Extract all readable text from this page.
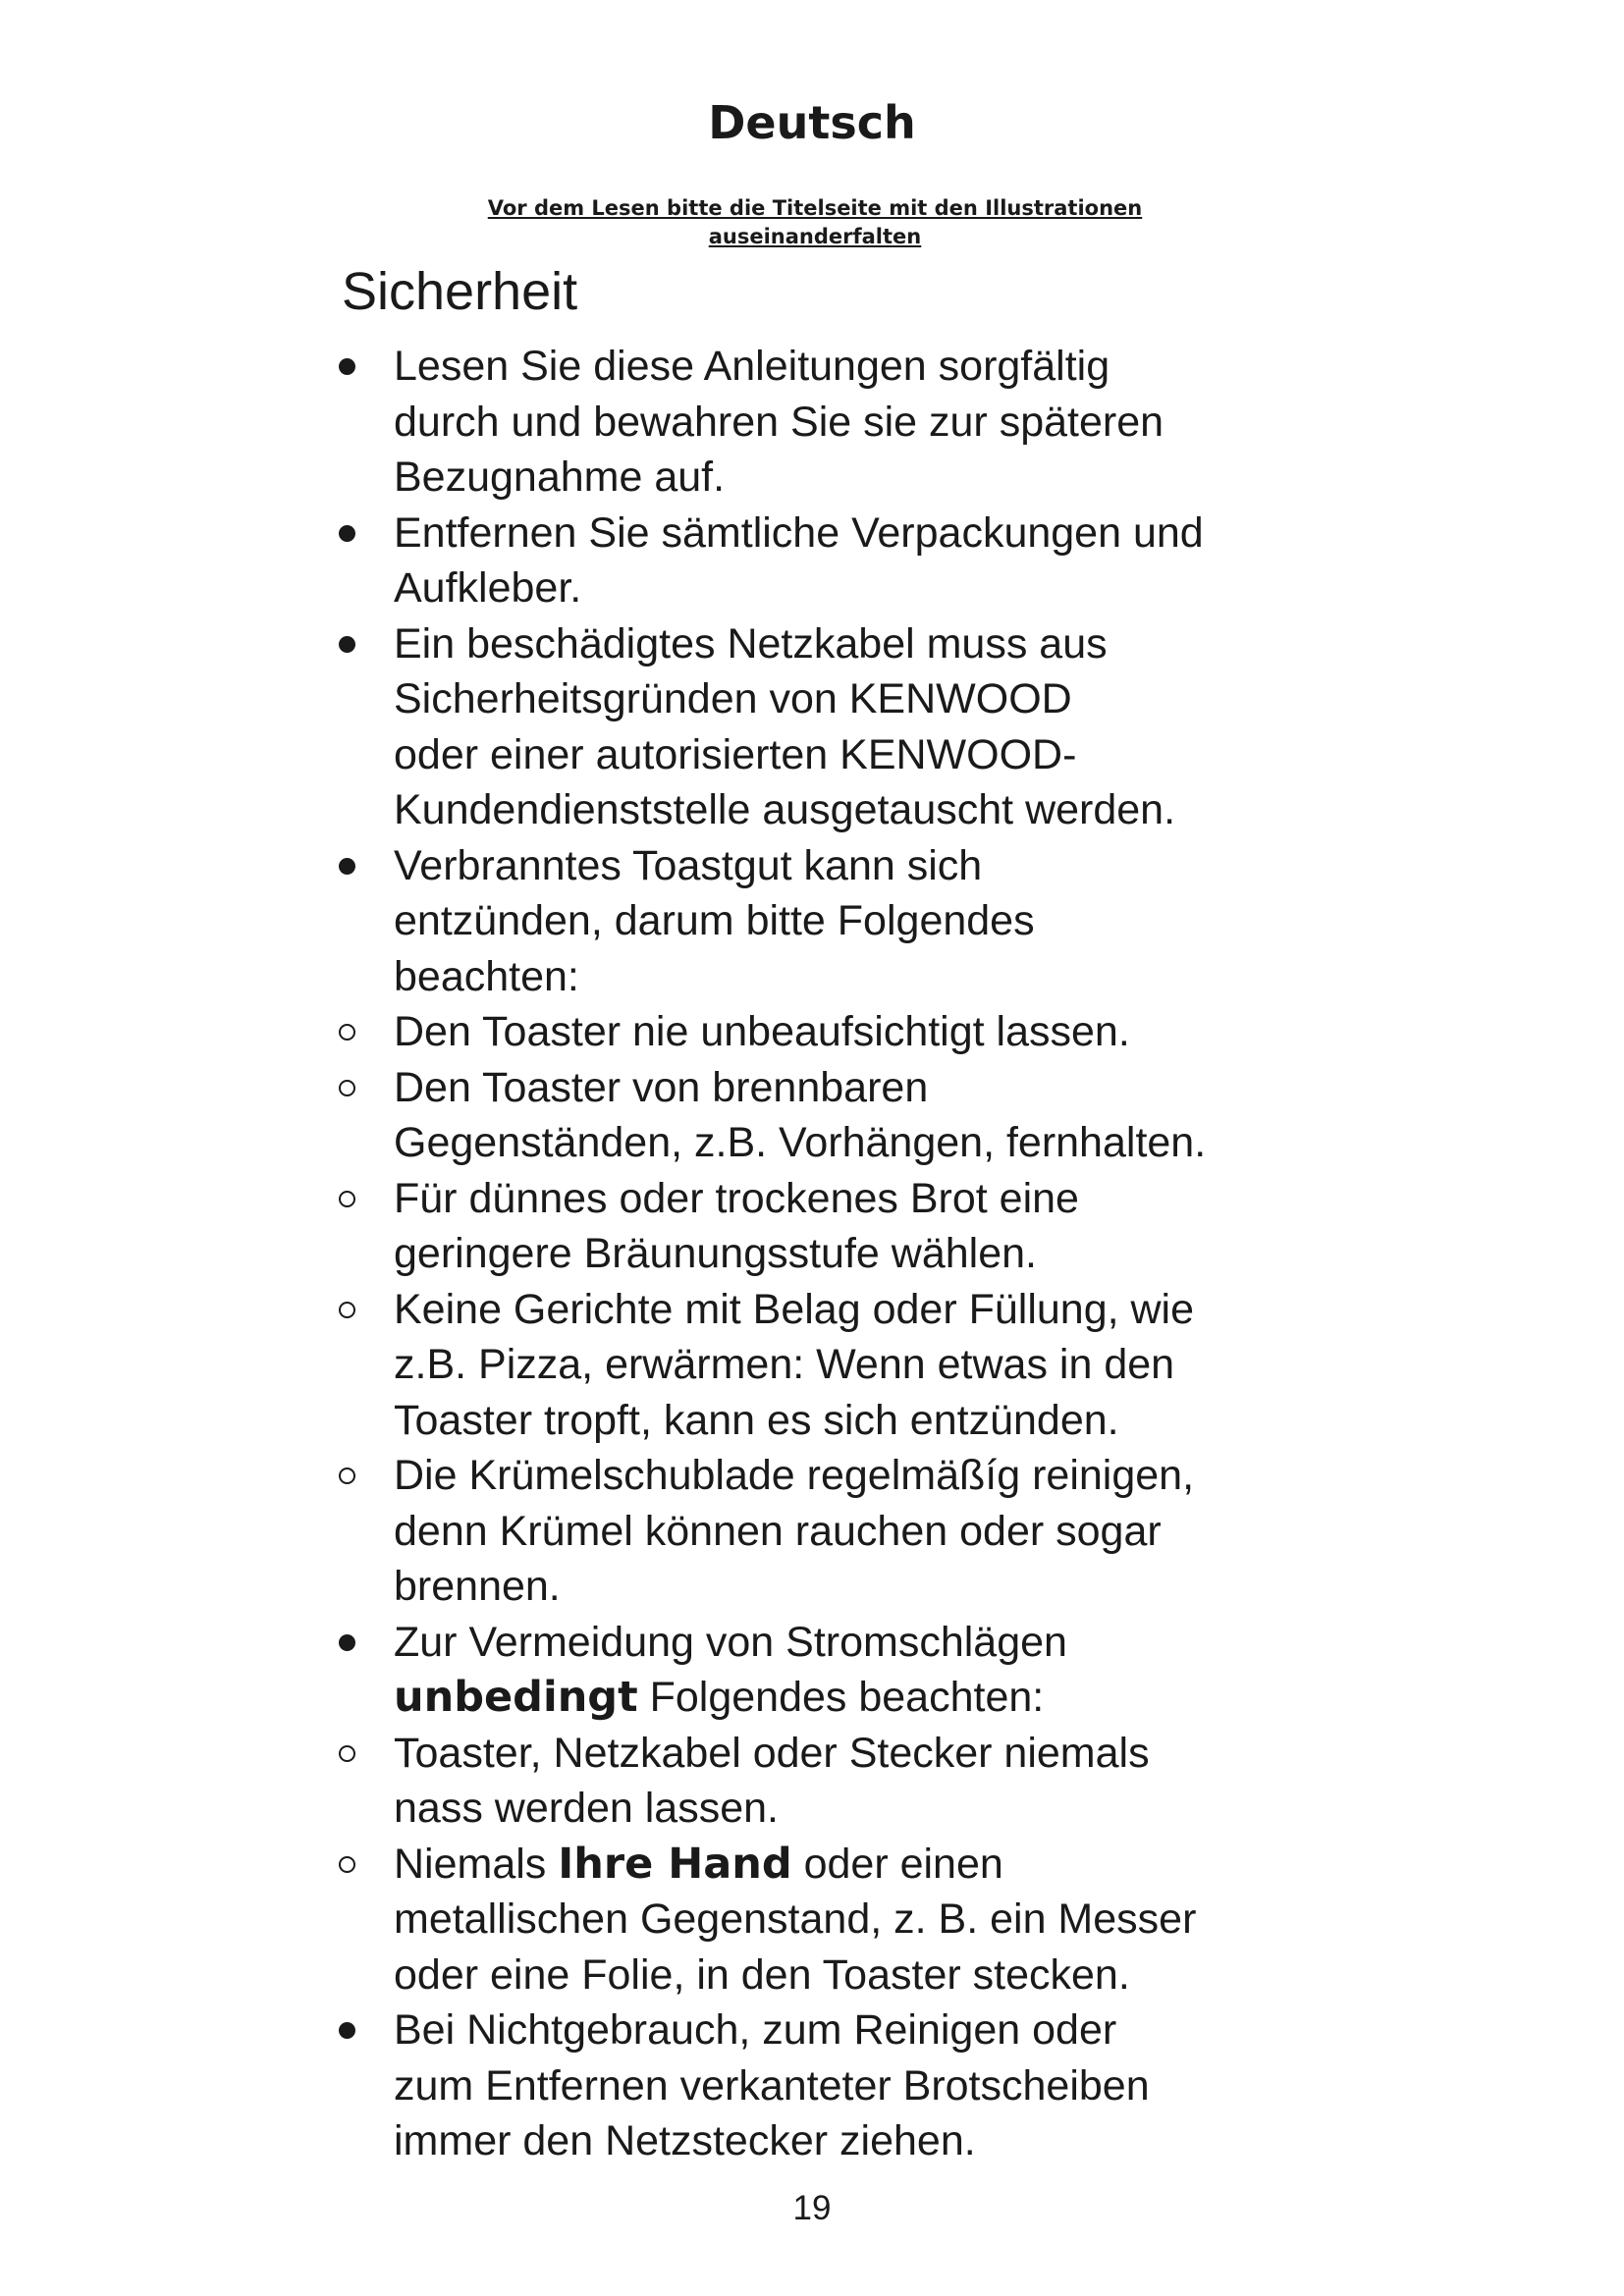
Deutsch

Vor dem Lesen bitte die Titelseite mit den Illustrationen
auseinanderfalten

Sicherheit
Lesen Sie diese Anleitungen sorgfältig
durch und bewahren Sie sie zur späteren
Bezugnahme auf.
Entfernen Sie sämtliche Verpackungen und
Aufkleber.
Ein beschädigtes Netzkabel muss aus
Sicherheitsgründen von KENWOOD
oder einer autorisierten KENWOOD-
Kundendienststelle ausgetauscht werden.
Verbranntes Toastgut kann sich
entzünden, darum bitte Folgendes
beachten:
Den Toaster nie unbeaufsichtigt lassen.
Den Toaster von brennbaren
Gegenständen, z.B. Vorhängen, fernhalten.
Für dünnes oder trockenes Brot eine
geringere Bräunungsstufe wählen.
Keine Gerichte mit Belag oder Füllung, wie
z.B. Pizza, erwärmen: Wenn etwas in den
Toaster tropft, kann es sich entzünden.
Die Krümelschublade regelmäßíg reinigen,
denn Krümel können rauchen oder sogar
brennen.
Zur Vermeidung von Stromschlägen
unbedingt Folgendes beachten:
Toaster, Netzkabel oder Stecker niemals
nass werden lassen.
Niemals Ihre Hand oder einen
metallischen Gegenstand, z. B. ein Messer
oder eine Folie, in den Toaster stecken.
Bei Nichtgebrauch, zum Reinigen oder
zum Entfernen verkanteter Brotscheiben
immer den Netzstecker ziehen.

19
